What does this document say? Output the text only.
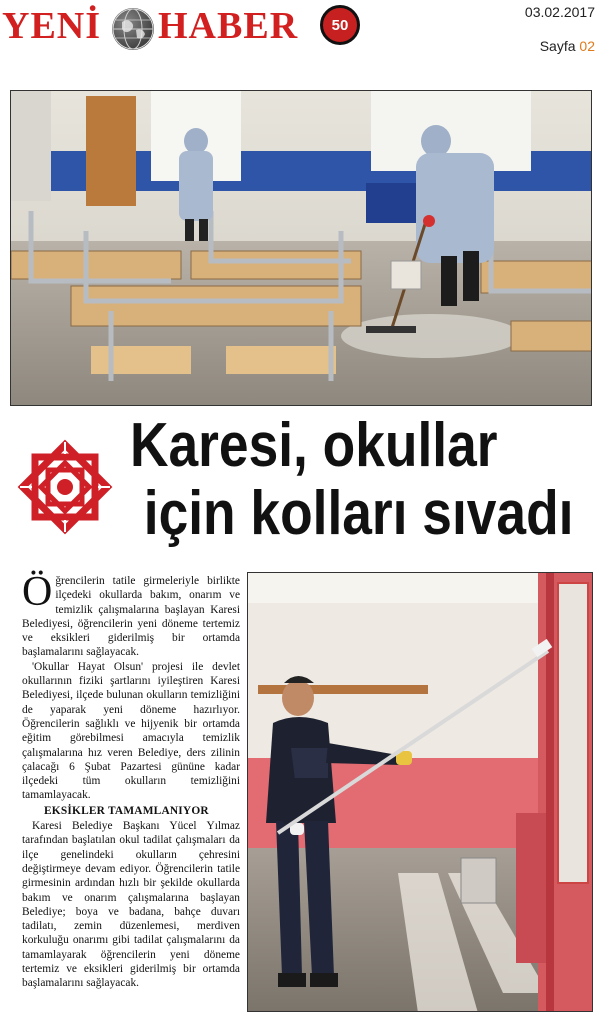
YENİ HABER	50
03.02.2017
Sayfa 02
Karesi, okullar
için kolları sıvadı

Öğrencilerin tatile girmeleriyle birlikte ilçedeki okullarda bakım, onarım ve temizlik çalışmalarına başlayan Karesi Belediyesi, öğrencilerin yeni döneme tertemiz ve eksikleri giderilmiş bir ortamda başlamalarını sağlayacak.

'Okullar Hayat Olsun' projesi ile devlet okullarının fiziki şartlarını iyileştiren Karesi Belediyesi, ilçede bulunan okulların temizliğini de yaparak yeni döneme hazırlıyor. Öğrencilerin sağlıklı ve hijyenik bir ortamda eğitim görebilmesi amacıyla temizlik çalışmalarına hız veren Belediye, ders zilinin çalacağı 6 Şubat Pazartesi gününe kadar ilçedeki tüm okulların temizliğini tamamlayacak.

EKSİKLER TAMAMLANIYOR

Karesi Belediye Başkanı Yücel Yılmaz tarafından başlatılan okul tadilat çalışmaları da ilçe genelindeki okulların çehresini değiştirmeye devam ediyor. Öğrencilerin tatile girmesinin ardından hızlı bir şekilde okullarda bakım ve onarım çalışmalarına başlayan Belediye; boya ve badana, bahçe duvarı tadilatı, zemin düzenlemesi, merdiven korkuluğu onarımı gibi tadilat çalışmalarını da tamamlayarak öğrencilerin yeni döneme tertemiz ve eksikleri giderilmiş bir ortamda başlamalarını sağlayacak.
